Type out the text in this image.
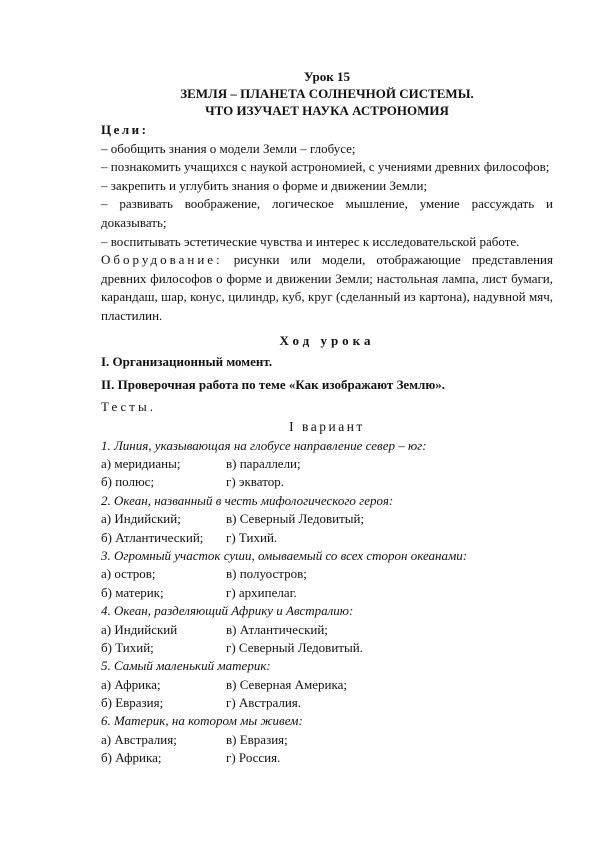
Урок 15
ЗЕМЛЯ – ПЛАНЕТА СОЛНЕЧНОЙ СИСТЕМЫ.
ЧТО ИЗУЧАЕТ НАУКА АСТРОНОМИЯ
Цели:
– обобщить знания о модели Земли – глобусе;
– познакомить учащихся с наукой астрономией, с учениями древних философов;
– закрепить и углубить знания о форме и движении Земли;
– развивать воображение, логическое мышление, умение рассуждать и доказывать;
– воспитывать эстетические чувства и интерес к исследовательской работе.
Оборудование: рисунки или модели, отображающие представления древних философов о форме и движении Земли; настольная лампа, лист бумаги, карандаш, шар, конус, цилиндр, куб, круг (сделанный из картона), надувной мяч, пластилин.
Ход урока
I. Организационный момент.
II. Проверочная работа по теме «Как изображают Землю».
Тесты.
I вариант
1. Линия, указывающая на глобусе направление север – юг:
а) меридианы;	в) параллели;
б) полюс;	г) экватор.
2. Океан, названный в честь мифологического героя:
а) Индийский;	в) Северный Ледовитый;
б) Атлантический;	г) Тихий.
3. Огромный участок суши, омываемый со всех сторон океанами:
а) остров;	в) полуостров;
б) материк;	г) архипелаг.
4. Океан, разделяющий Африку и Австралию:
а) Индийский	в) Атлантический;
б) Тихий;	г) Северный Ледовитый.
5. Самый маленький материк:
а) Африка;	в) Северная Америка;
б) Евразия;	г) Австралия.
6. Материк, на котором мы живем:
а) Австралия;	в) Евразия;
б) Африка;	г) Россия.
